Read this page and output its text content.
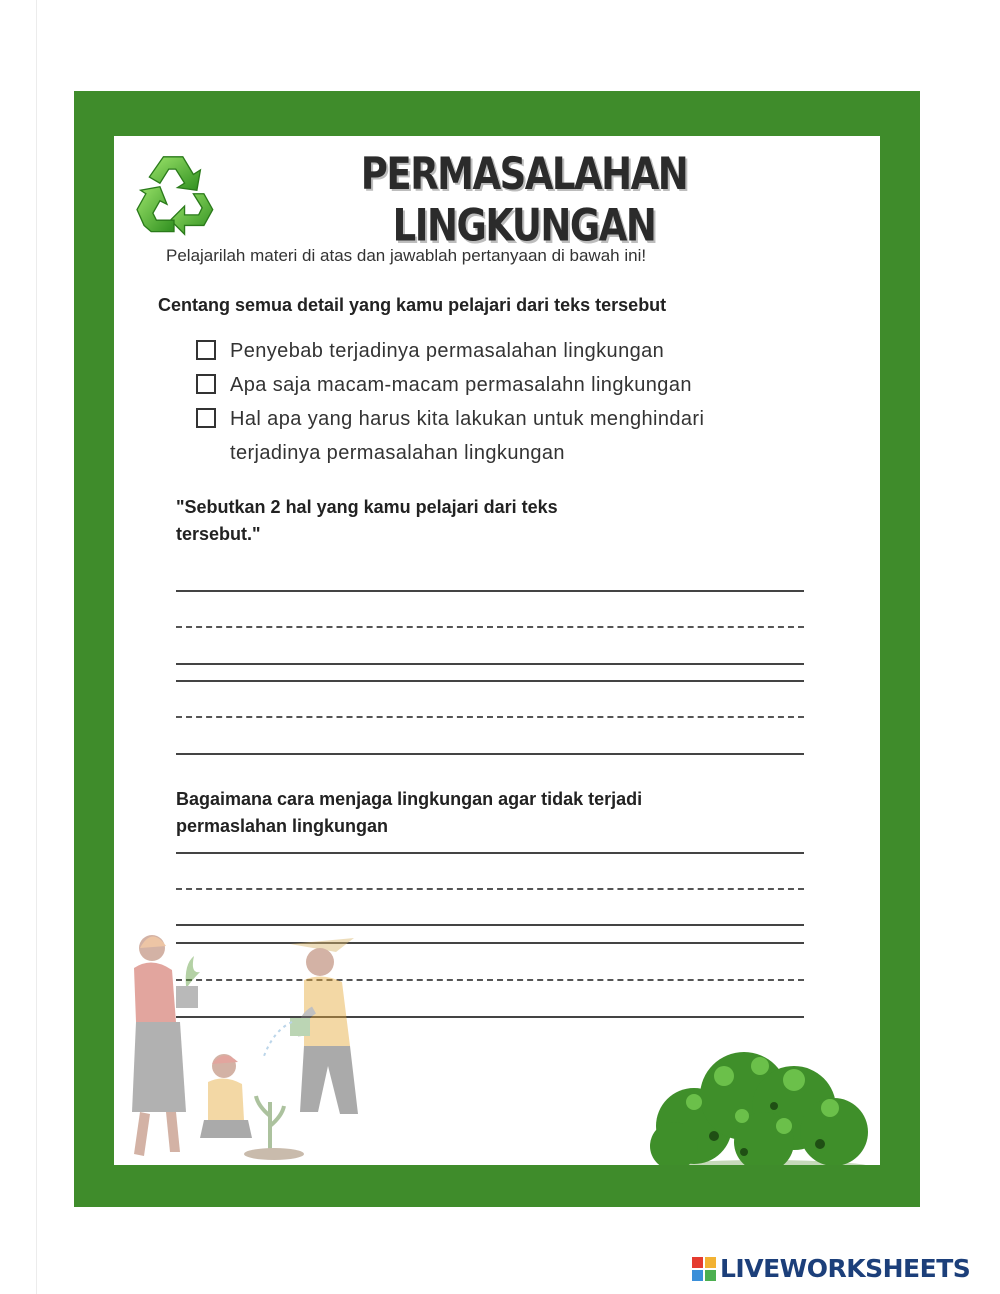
PERMASALAHAN LINGKUNGAN
Pelajarilah materi di atas dan jawablah pertanyaan di bawah ini!
Centang semua detail yang kamu pelajari dari teks tersebut
Penyebab terjadinya permasalahan lingkungan
Apa saja macam-macam permasalahn lingkungan
Hal apa yang harus kita lakukan untuk menghindari terjadinya permasalahan lingkungan
"Sebutkan 2 hal yang kamu pelajari dari teks tersebut."
Bagaimana cara menjaga lingkungan agar tidak terjadi permaslahan lingkungan
LIVEWORKSHEETS
